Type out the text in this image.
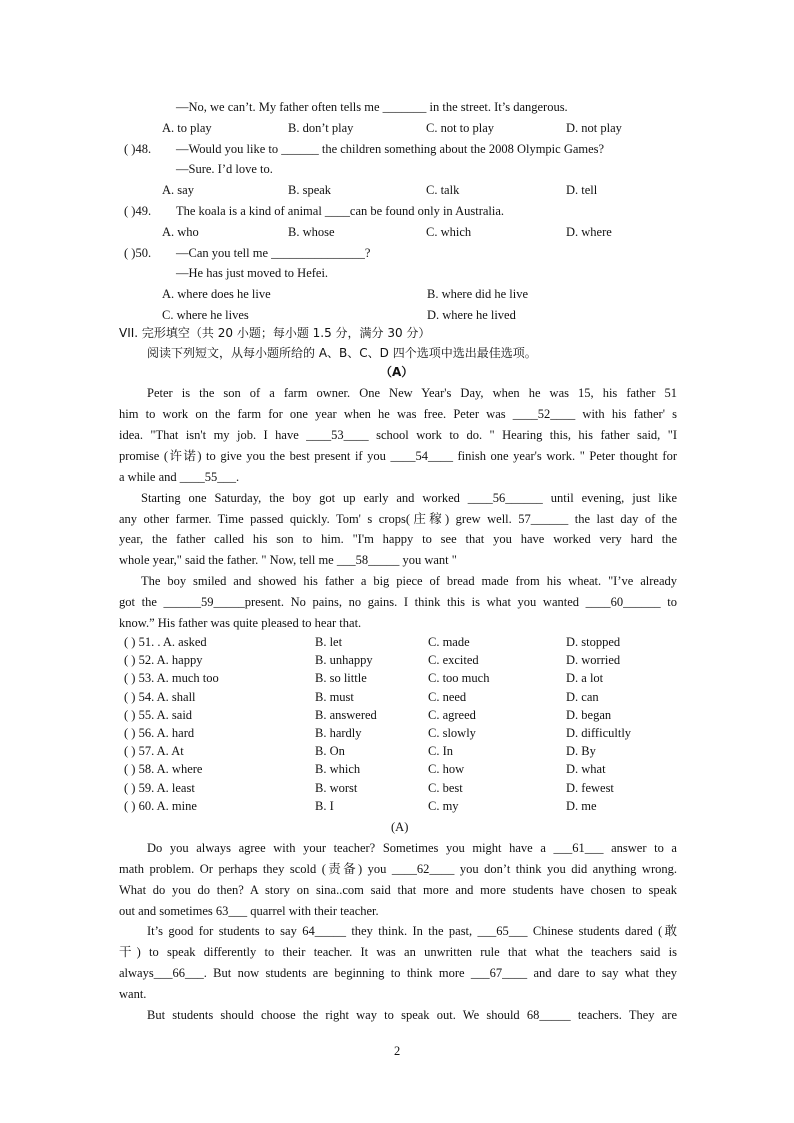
—No, we can’t. My father often tells me _______ in the street. It’s dangerous.
A. to play	B. don’t play	C. not to play	D. not play
( )48. —Would you like to ______ the children something about the 2008 Olympic Games?
—Sure. I’d love to.
A. say	B. speak	C. talk	D. tell
( )49. The koala is a kind of animal ____can be found only in Australia.
A. who	B. whose	C. which	D. where
( )50. —Can you tell me _______________?
—He has just moved to Hefei.
A. where does he live	B. where did he live
C. where he lives	D. where he lived
VII. 完形填空（共 20 小题；每小题 1.5 分，满分 30 分）
阅读下列短文，从每小题所给的 A、B、C、D 四个选项中选出最佳选项。
（A）
Peter is the son of a farm owner. One New Year's Day, when he was 15, his father 51
him to work on the farm for one year when he was free. Peter was ____52____ with his father' s
idea. "That isn't my job. I have ____53____ school work to do. " Hearing this, his father said, "I
promise (许诺) to give you the best present if you ____54____ finish one year's work. " Peter thought for
a while and ____55___.
Starting one Saturday, the boy got up early and worked ____56______ until evening, just like
any other farmer. Time passed quickly. Tom' s crops(庄稼) grew well. 57______ the last day of the
year, the father called his son to him. "I'm happy to see that you have worked very hard the
whole year," said the father. " Now, tell me ___58_____ you want "
The boy smiled and showed his father a big piece of bread made from his wheat. "I’ve already
got the ______59_____present. No pains, no gains. I think this is what you wanted ____60______ to
know.” His father was quite pleased to hear that.
( ) 51. . A. asked	B. let	C. made	D. stopped
( ) 52. A. happy	B. unhappy	C. excited	D. worried
( ) 53. A. much too	B. so little	C. too much	D. a lot
( ) 54. A. shall	B. must	C. need	D. can
( ) 55. A. said	B. answered	C. agreed	D. began
( ) 56. A. hard	B. hardly	C. slowly	D. difficultly
( ) 57. A. At	B. On	C. In	D. By
( ) 58. A. where	B. which	C. how	D. what
( ) 59. A. least	B. worst	C. best	D. fewest
( ) 60. A. mine	B. I	C. my	D. me
(A)
Do you always agree with your teacher? Sometimes you might have a ___61___ answer to a
math problem. Or perhaps they scold (责备) you ____62____ you don’t think you did anything wrong.
What do you do then? A story on sina..com said that more and more students have chosen to speak
out and sometimes 63___ quarrel with their teacher.
It’s good for students to say 64_____ they think. In the past, ___65___ Chinese students dared (敢
干) to speak differently to their teacher. It was an unwritten rule that what the teachers said is
always___66___. But now students are beginning to think more ___67____ and dare to say what they
want.
But students should choose the right way to speak out. We should 68_____ teachers. They are
2
